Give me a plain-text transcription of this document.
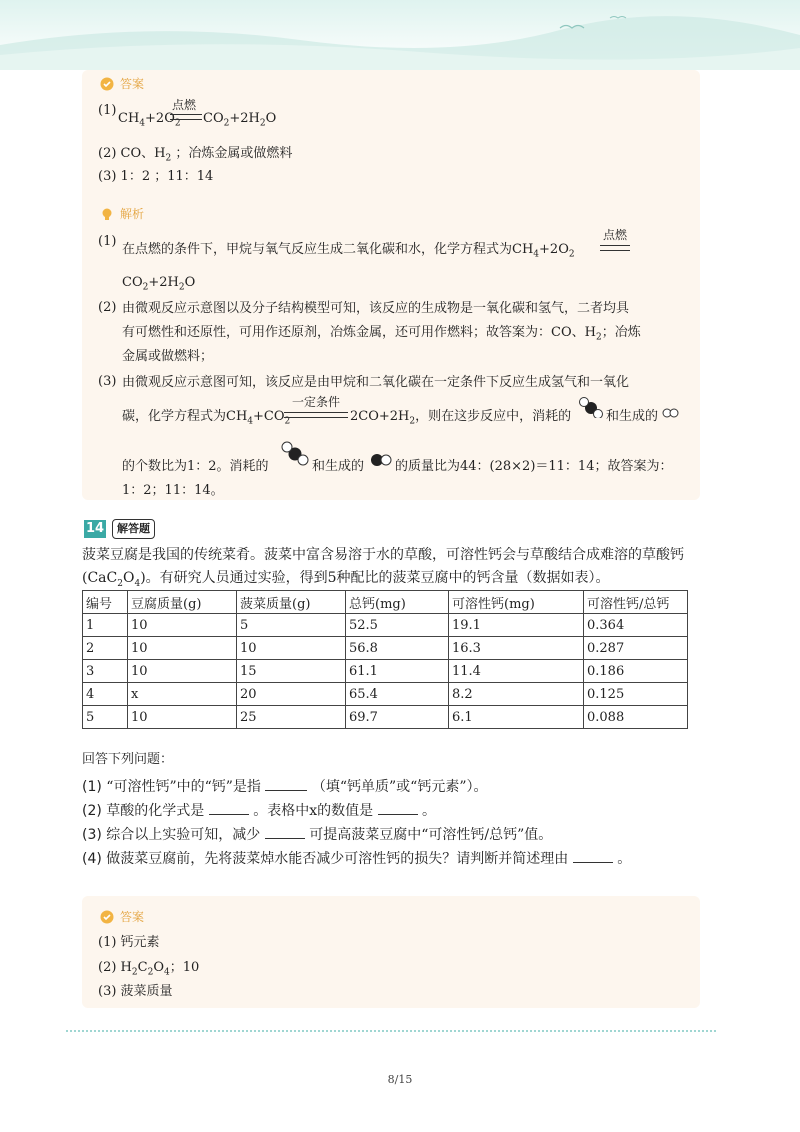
答案
(1)
$CH_4+2O_2$
点燃
$CO_2+2H_2O$
(2) CO、$H_2$ ；冶炼金属或做燃料
(3) 1：2 ；11：14
解析
(1)
在点燃的条件下，甲烷与氧气反应生成二氧化碳和水，化学方程式为$CH_4+2O_2$
点燃
$CO_2+2H_2O$
(2) 由微观反应示意图以及分子结构模型可知，该反应的生成物是一氧化碳和氢气，二者均具
有可燃性和还原性，可用作还原剂，冶炼金属，还可用作燃料；故答案为：CO、$H_2$；冶炼
金属或做燃料；
(3) 由微观反应示意图可知，该反应是由甲烷和二氧化碳在一定条件下反应生成氢气和一氧化
碳，化学方程式为$CH_4+CO_2$
一定条件
$2CO+2H_2$，则在这步反应中，消耗的	和生成的
的个数比为1：2。消耗的	和生成的 的质量比为44：(28×2)＝11：14；故答案为：
1：2；11：14。
14	解答题
菠菜豆腐是我国的传统菜肴。菠菜中富含易溶于水的草酸，可溶性钙会与草酸结合成难溶的草酸钙
$(CaC_2O_4)$。有研究人员通过实验，得到5种配比的菠菜豆腐中的钙含量（数据如表）。
编号	豆腐质量(g)	菠菜质量(g)	总钙(mg)	可溶性钙(mg)	可溶性钙/总钙
1	10	5	52.5	19.1	0.364
2	10	10	56.8	16.3	0.287
3	10	15	61.1	11.4	0.186
4	x	20	65.4	8.2	0.125
5	10	25	69.7	6.1	0.088
回答下列问题：
(1) “可溶性钙”中的“钙”是指	（填“钙单质”或“钙元素”）。
(2) 草酸的化学式是	。表格中x的数值是	。
(3) 综合以上实验可知，减少	可提高菠菜豆腐中“可溶性钙/总钙”值。
(4) 做菠菜豆腐前，先将菠菜焯水能否减少可溶性钙的损失？请判断并简述理由	。
答案
(1) 钙元素
(2) $H_2C_2O_4$；10
(3) 菠菜质量
8/15
